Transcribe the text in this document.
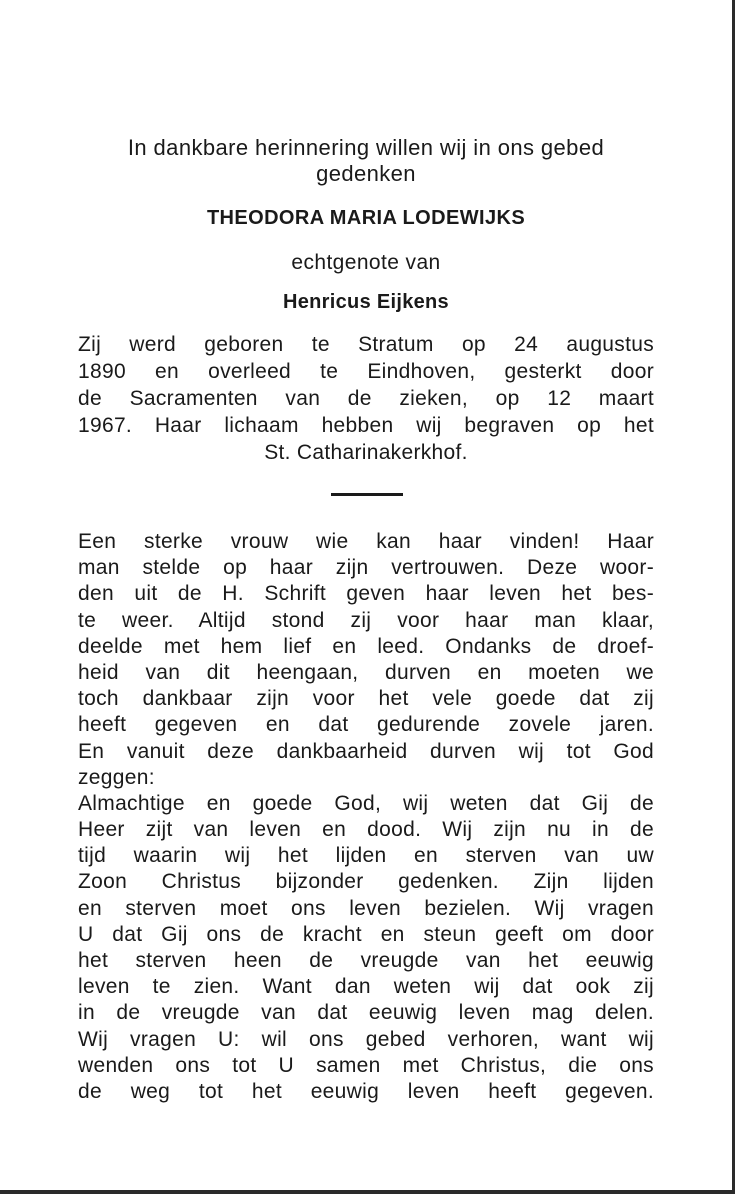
In dankbare herinnering willen wij in ons gebed
gedenken
THEODORA MARIA LODEWIJKS
echtgenote van
Henricus Eijkens
Zij werd geboren te Stratum op 24 augustus
1890 en overleed te Eindhoven, gesterkt door
de Sacramenten van de zieken, op 12 maart
1967. Haar lichaam hebben wij begraven op het
St. Catharinakerkhof.
Een sterke vrouw wie kan haar vinden! Haar
man stelde op haar zijn vertrouwen. Deze woor-
den uit de H. Schrift geven haar leven het bes-
te weer. Altijd stond zij voor haar man klaar,
deelde met hem lief en leed. Ondanks de droef-
heid van dit heengaan, durven en moeten we
toch dankbaar zijn voor het vele goede dat zij
heeft gegeven en dat gedurende zovele jaren.
En vanuit deze dankbaarheid durven wij tot God
zeggen:
Almachtige en goede God, wij weten dat Gij de
Heer zijt van leven en dood. Wij zijn nu in de
tijd waarin wij het lijden en sterven van uw
Zoon Christus bijzonder gedenken. Zijn lijden
en sterven moet ons leven bezielen. Wij vragen
U dat Gij ons de kracht en steun geeft om door
het sterven heen de vreugde van het eeuwig
leven te zien. Want dan weten wij dat ook zij
in de vreugde van dat eeuwig leven mag delen.
Wij vragen U: wil ons gebed verhoren, want wij
wenden ons tot U samen met Christus, die ons
de weg tot het eeuwig leven heeft gegeven.
